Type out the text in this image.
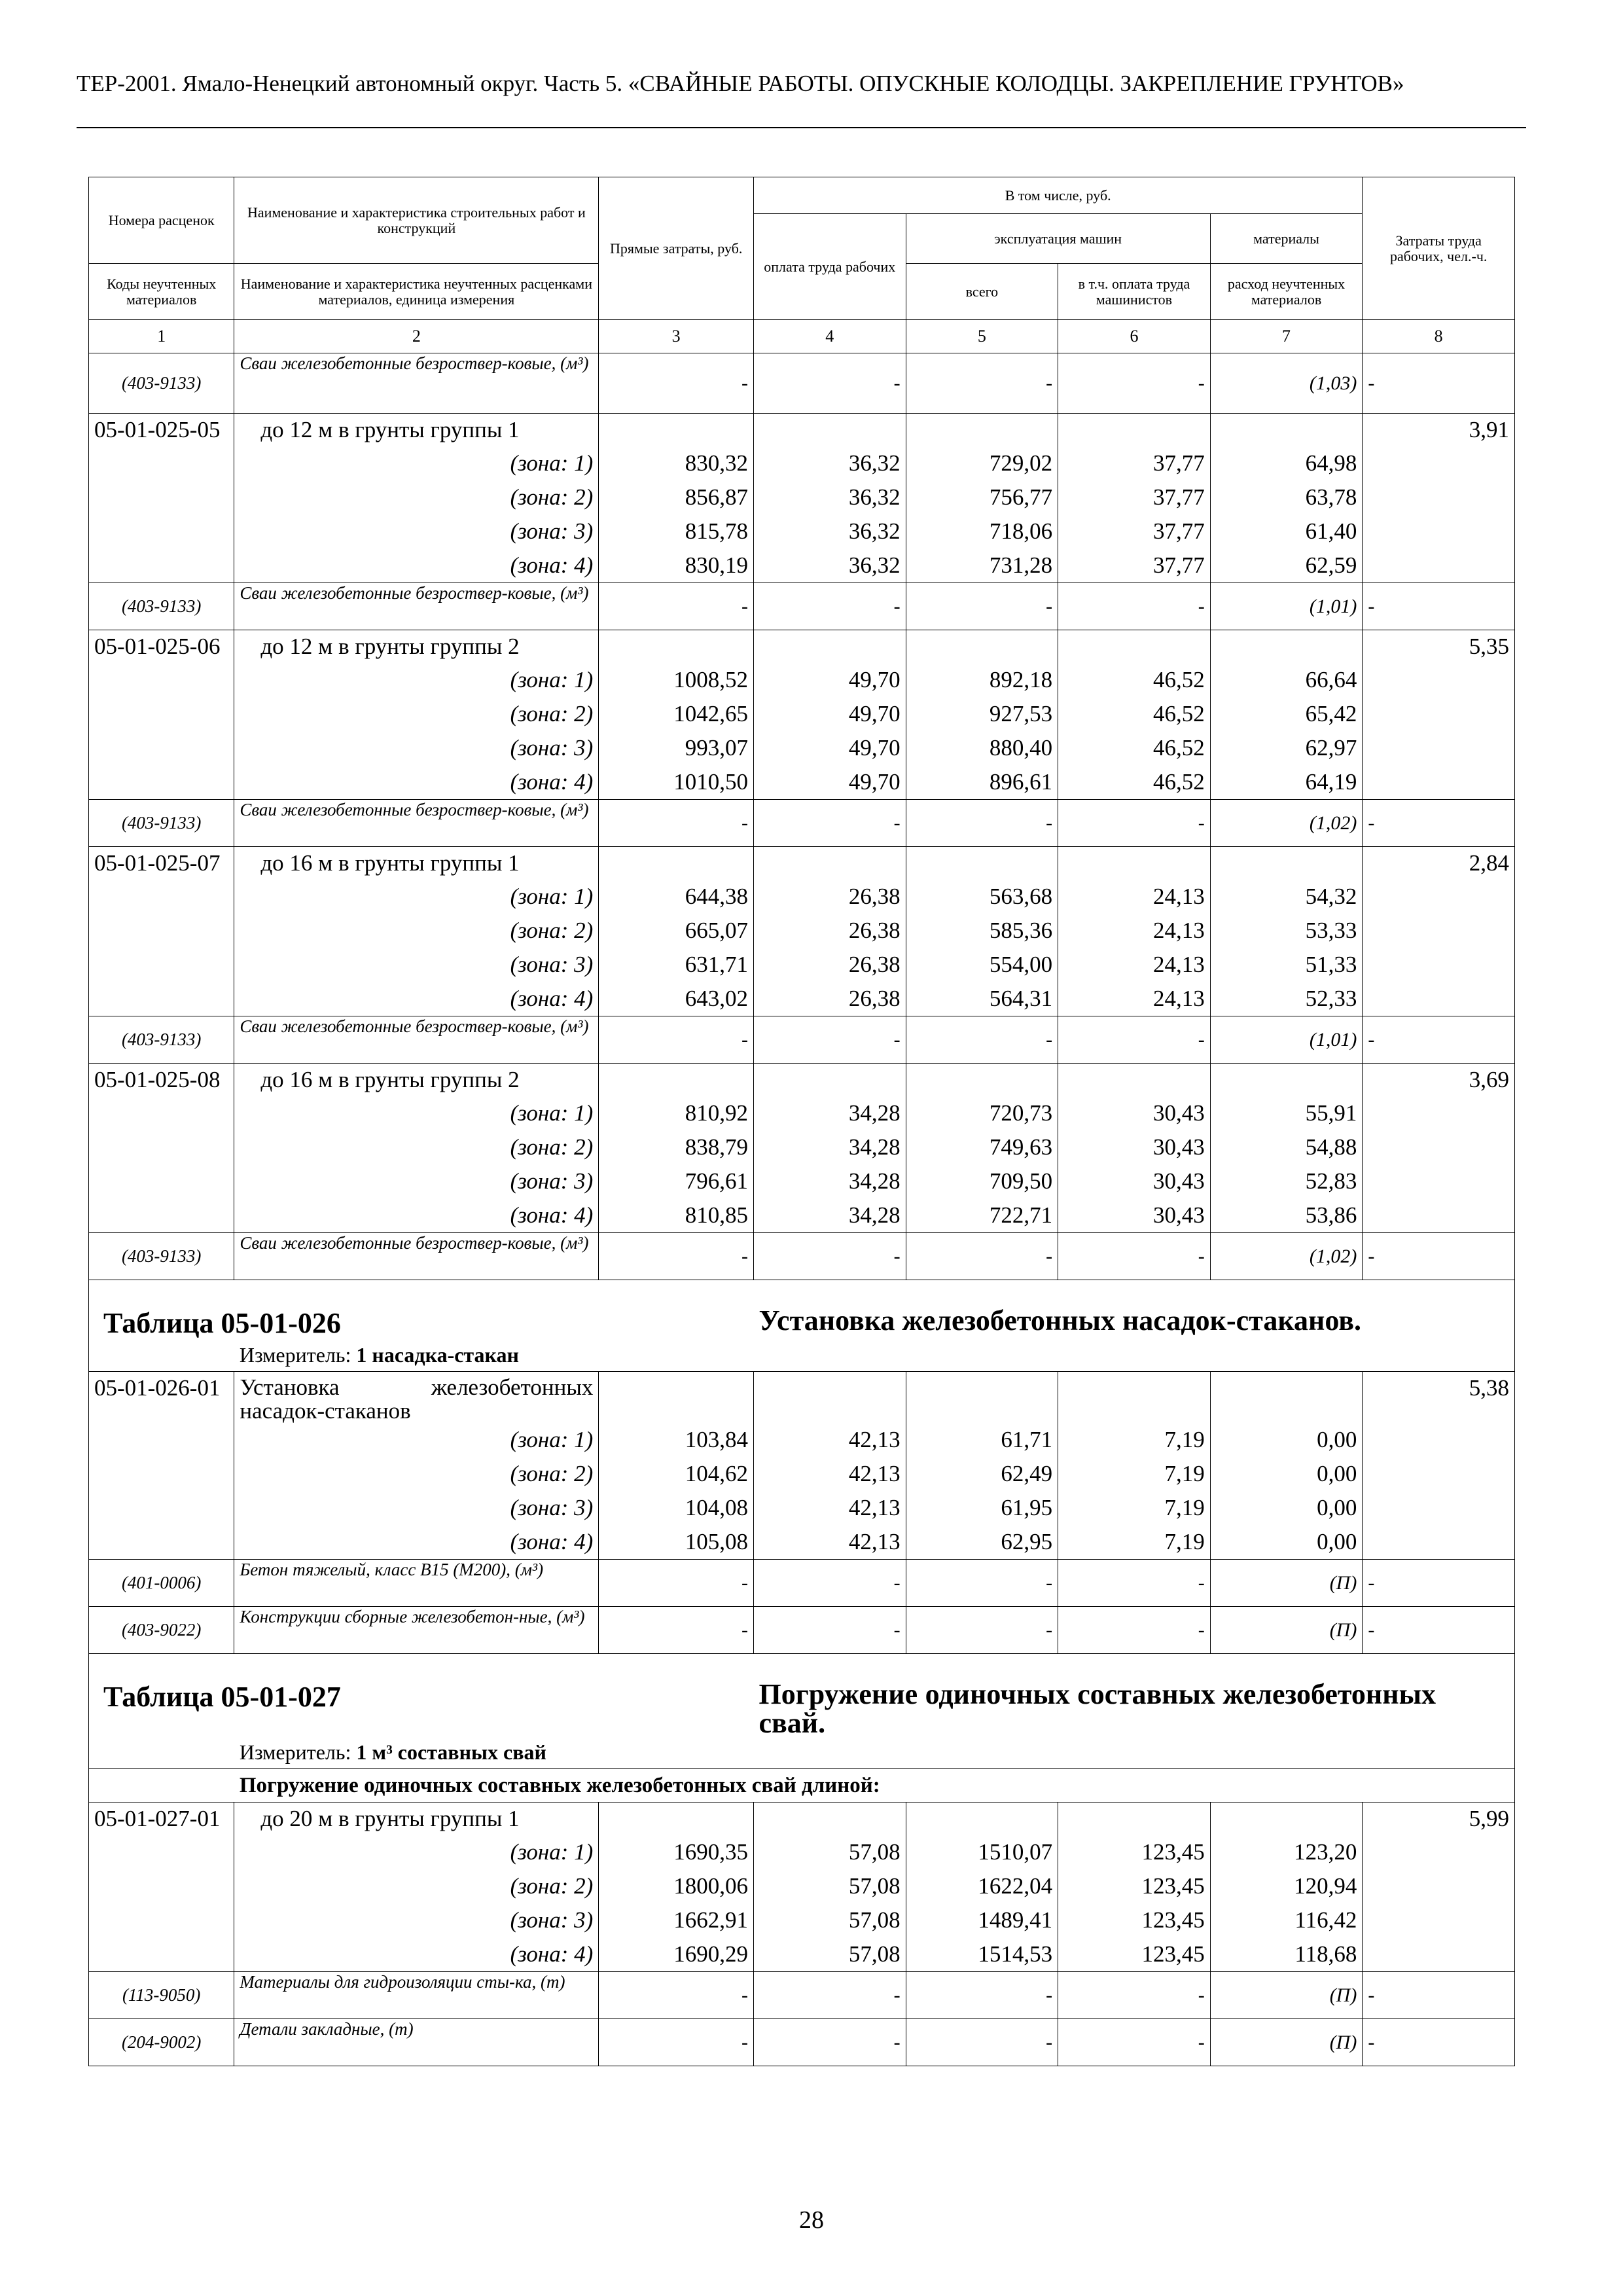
ТЕР-2001. Ямало-Ненецкий автономный округ. Часть 5. «СВАЙНЫЕ РАБОТЫ. ОПУСКНЫЕ КОЛОДЦЫ. ЗАКРЕПЛЕНИЕ ГРУНТОВ»
Номера расценок	Наименование и характеристика строительных работ и конструкций	Прямые затраты, руб.	В том числе, руб.				Затраты труда рабочих, чел.-ч.
			оплата труда рабочих	эксплуатация машин		материалы	
Коды неучтенных материалов	Наименование и характеристика неучтенных расценками материалов, единица измерения			всего	в т.ч. оплата труда машинистов	расход неучтенных материалов	
1	2	3	4	5	6	7	8
(403-9133)	Сваи железобетонные безроствер-ковые, (м³)	-	-	-	-	(1,03)	-
05-01-025-05	до 12 м в грунты группы 1						3,91
	(зона: 1)	830,32	36,32	729,02	37,77	64,98	
	(зона: 2)	856,87	36,32	756,77	37,77	63,78	
	(зона: 3)	815,78	36,32	718,06	37,77	61,40	
	(зона: 4)	830,19	36,32	731,28	37,77	62,59	
(403-9133)	Сваи железобетонные безроствер-ковые, (м³)	-	-	-	-	(1,01)	-
05-01-025-06	до 12 м в грунты группы 2						5,35
	(зона: 1)	1008,52	49,70	892,18	46,52	66,64	
	(зона: 2)	1042,65	49,70	927,53	46,52	65,42	
	(зона: 3)	993,07	49,70	880,40	46,52	62,97	
	(зона: 4)	1010,50	49,70	896,61	46,52	64,19	
(403-9133)	Сваи железобетонные безроствер-ковые, (м³)	-	-	-	-	(1,02)	-
05-01-025-07	до 16 м в грунты группы 1						2,84
	(зона: 1)	644,38	26,38	563,68	24,13	54,32	
	(зона: 2)	665,07	26,38	585,36	24,13	53,33	
	(зона: 3)	631,71	26,38	554,00	24,13	51,33	
	(зона: 4)	643,02	26,38	564,31	24,13	52,33	
(403-9133)	Сваи железобетонные безроствер-ковые, (м³)	-	-	-	-	(1,01)	-
05-01-025-08	до 16 м в грунты группы 2						3,69
	(зона: 1)	810,92	34,28	720,73	30,43	55,91	
	(зона: 2)	838,79	34,28	749,63	30,43	54,88	
	(зона: 3)	796,61	34,28	709,50	30,43	52,83	
	(зона: 4)	810,85	34,28	722,71	30,43	53,86	
(403-9133)	Сваи железобетонные безроствер-ковые, (м³)	-	-	-	-	(1,02)	-
Таблица 05-01-026			Установка железобетонных насадок-стаканов.				

	Измеритель: 1 насадка-стакан						
05-01-026-01	Установка железобетонных насадок-стаканов						5,38
	(зона: 1)	103,84	42,13	61,71	7,19	0,00	
	(зона: 2)	104,62	42,13	62,49	7,19	0,00	
	(зона: 3)	104,08	42,13	61,95	7,19	0,00	
	(зона: 4)	105,08	42,13	62,95	7,19	0,00	
(401-0006)	Бетон тяжелый, класс В15 (М200), (м³)	-	-	-	-	(П)	-
(403-9022)	Конструкции сборные железобетон-ные, (м³)	-	-	-	-	(П)	-
Таблица 05-01-027			Погружение одиночных составных железобетонных свай.				

	Измеритель: 1 м³ составных свай						
	Погружение одиночных составных железобетонных свай длиной:						
05-01-027-01	до 20 м в грунты группы 1						5,99
	(зона: 1)	1690,35	57,08	1510,07	123,45	123,20	
	(зона: 2)	1800,06	57,08	1622,04	123,45	120,94	
	(зона: 3)	1662,91	57,08	1489,41	123,45	116,42	
	(зона: 4)	1690,29	57,08	1514,53	123,45	118,68	
(113-9050)	Материалы для гидроизоляции сты-ка, (т)	-	-	-	-	(П)	-
(204-9002)	Детали закладные, (т)	-	-	-	-	(П)	-
28
